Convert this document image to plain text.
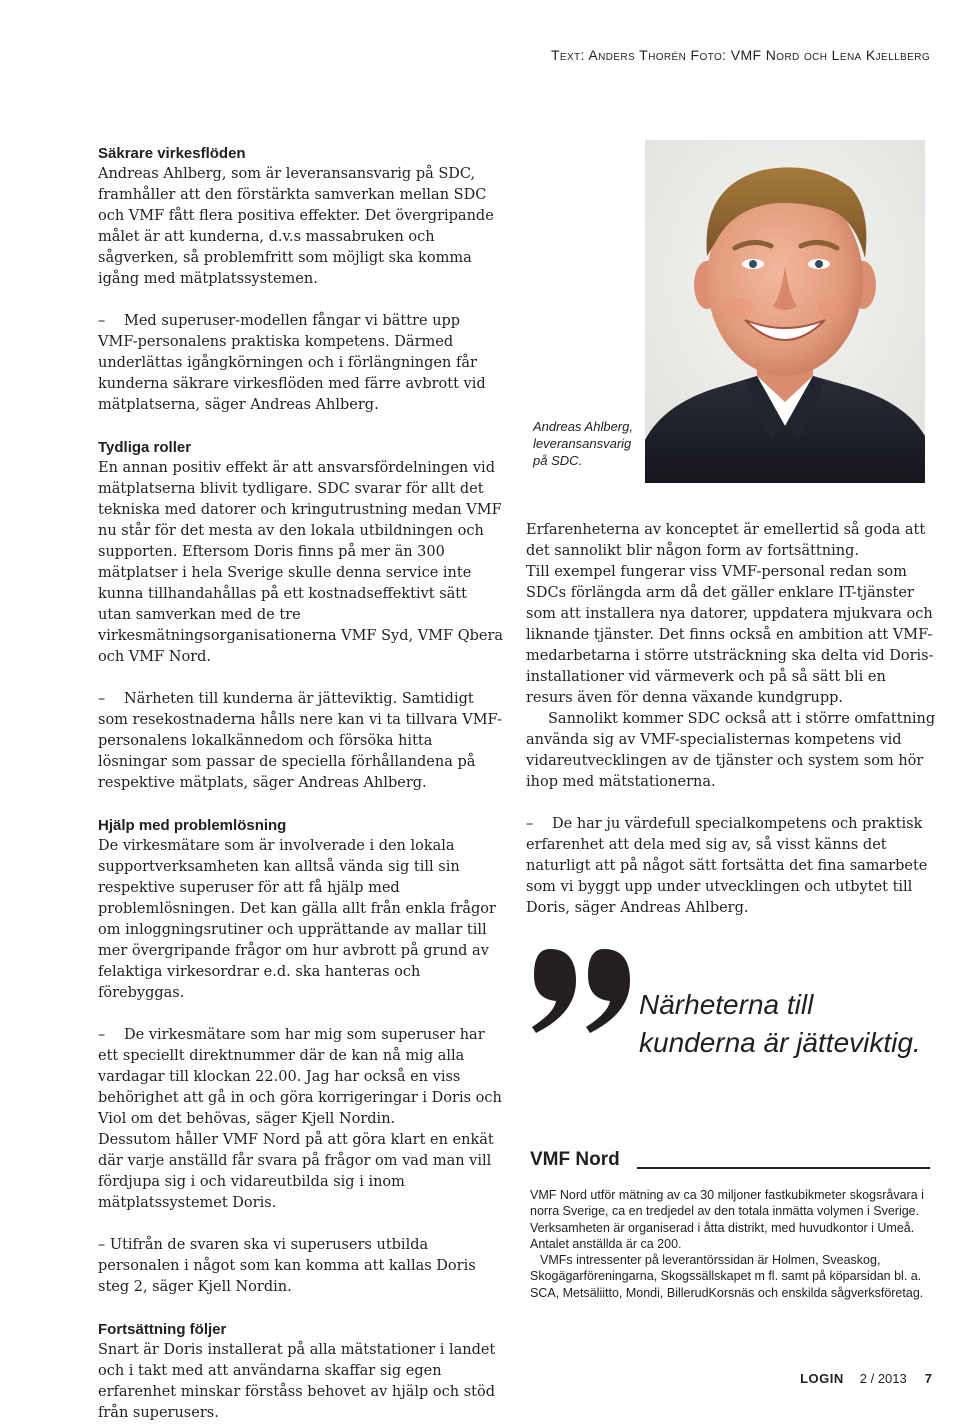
Text: Anders Thorén Foto: VMF Nord och Lena Kjellberg
Säkrare virkesflöden

Andreas Ahlberg, som är leveransansvarig på SDC, framhåller att den förstärkta samverkan mellan SDC och VMF fått flera positiva effekter. Det övergripande målet är att kunderna, d.v.s massabruken och sågverken, så problemfritt som möjligt ska komma igång med mätplatssystemen.

– Med superuser-modellen fångar vi bättre upp VMF-personalens praktiska kompetens. Därmed underlättas igångkörningen och i förlängningen får kunderna säkrare virkesflöden med färre avbrott vid mätplatserna, säger Andreas Ahlberg.

Tydliga roller

En annan positiv effekt är att ansvarsfördelningen vid mätplatserna blivit tydligare. SDC svarar för allt det tekniska med datorer och kringutrustning medan VMF nu står för det mesta av den lokala utbildningen och supporten. Eftersom Doris finns på mer än 300 mätplatser i hela Sverige skulle denna service inte kunna tillhandahållas på ett kostnadseffektivt sätt utan samverkan med de tre virkesmätningsorganisationerna VMF Syd, VMF Qbera och VMF Nord.

– Närheten till kunderna är jätteviktig. Samtidigt som resekostnaderna hålls nere kan vi ta tillvara VMF-personalens lokalkännedom och försöka hitta lösningar som passar de speciella förhållandena på respektive mätplats, säger Andreas Ahlberg.

Hjälp med problemlösning

De virkesmätare som är involverade i den lokala supportverksamheten kan alltså vända sig till sin respektive superuser för att få hjälp med problemlösningen. Det kan gälla allt från enkla frågor om inloggningsrutiner och upprättande av mallar till mer övergripande frågor om hur avbrott på grund av felaktiga virkesordrar e.d. ska hanteras och förebyggas.

– De virkesmätare som har mig som superuser har ett speciellt direktnummer där de kan nå mig alla vardagar till klockan 22.00. Jag har också en viss behörighet att gå in och göra korrigeringar i Doris och Viol om det behövas, säger Kjell Nordin.

Dessutom håller VMF Nord på att göra klart en enkät där varje anställd får svara på frågor om vad man vill fördjupa sig i och vidareutbilda sig i inom mätplatssystemet Doris.

– Utifrån de svaren ska vi superusers utbilda personalen i något som kan komma att kallas Doris steg 2, säger Kjell Nordin.

Fortsättning följer

Snart är Doris installerat på alla mätstationer i landet och i takt med att användarna skaffar sig egen erfarenhet minskar förståss behovet av hjälp och stöd från superusers.

Andreas Ahlberg, leveransansvarig på SDC.

Erfarenheterna av konceptet är emellertid så goda att det sannolikt blir någon form av fortsättning.

Till exempel fungerar viss VMF-personal redan som SDCs förlängda arm då det gäller enklare IT-tjänster som att installera nya datorer, uppdatera mjukvara och liknande tjänster. Det finns också en ambition att VMF-medarbetarna i större utsträckning ska delta vid Doris-installationer vid värmeverk och på så sätt bli en resurs även för denna växande kundgrupp.

Sannolikt kommer SDC också att i större omfattning använda sig av VMF-specialisternas kompetens vid vidareutvecklingen av de tjänster och system som hör ihop med mätstationerna.

– De har ju värdefull specialkompetens och praktisk erfarenhet att dela med sig av, så visst känns det naturligt att på något sätt fortsätta det fina samarbete som vi byggt upp under utvecklingen och utbytet till Doris, säger Andreas Ahlberg.

Närheterna till kunderna är jätteviktig.
VMF Nord

VMF Nord utför mätning av ca 30 miljoner fastkubikmeter skogsråvara i norra Sverige, ca en tredjedel av den totala inmätta volymen i Sverige. Verksamheten är organiserad i åtta distrikt, med huvudkontor i Umeå. Antalet anställda är ca 200.

VMFs intressenter på leverantörssidan är Holmen, Sveaskog, Skogägarföreningarna, Skogssällskapet m fl. samt på köparsidan bl. a. SCA, Metsäliitto, Mondi, BillerudKorsnäs och enskilda sågverksföretag.

LOGIN 2 / 2013 7
